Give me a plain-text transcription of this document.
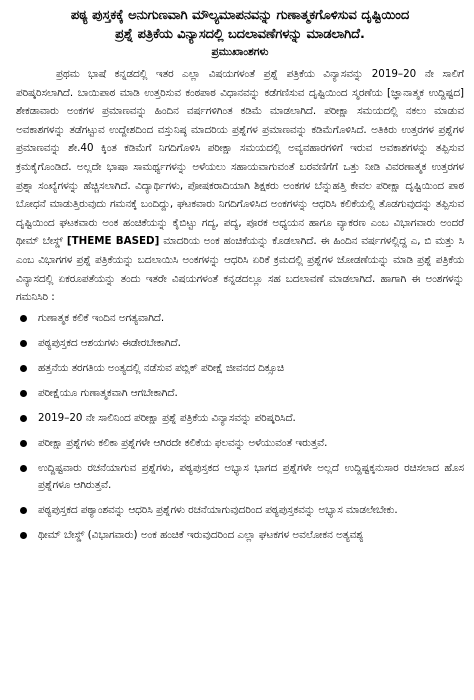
ಪಠ್ಯ ಪುಸ್ತಕಕ್ಕೆ ಅನುಗುಣವಾಗಿ ಮೌಲ್ಯಮಾಪನವನ್ನು ಗುಣಾತ್ಮಕಗೊಳಿಸುವ ದೃಷ್ಟಿಯಿಂದ

ಪ್ರಶ್ನೆ ಪತ್ರಿಕೆಯ ವಿನ್ಯಾಸದಲ್ಲಿ ಬದಲಾವಣೆಗಳನ್ನು ಮಾಡಲಾಗಿದೆ.

ಪ್ರಮುಖಾಂಶಗಳು

ಪ್ರಥಮ ಭಾಷೆ ಕನ್ನಡದಲ್ಲಿ ಇತರ ಎಲ್ಲಾ ವಿಷಯಗಳಂತೆ ಪ್ರಶ್ನೆ ಪತ್ರಿಕೆಯ ವಿನ್ಯಾಸವನ್ನು 2019–20 ನೇ ಸಾಲಿಗೆ ಪರಿಷ್ಕರಿಸಲಾಗಿದೆ. ಬಾಯಿಪಾಠ ಮಾಡಿ ಉತ್ತರಿಸುವ ಕಂಠಪಾಠ ವಿಧಾನವನ್ನು ಕಡೆಗಣಿಸುವ ದೃಷ್ಟಿಯಿಂದ ಸ್ಮರಣೆಯ [ಜ್ಞಾನಾತ್ಮಕ ಉದ್ದಿಷ್ಟದ] ಶೇಕಡಾವಾರು ಅಂಕಗಳ ಪ್ರಮಾಣವನ್ನು ಹಿಂದಿನ ವರ್ಷಗಳಿಗಿಂತ ಕಡಿಮೆ ಮಾಡಲಾಗಿದೆ. ಪರೀಕ್ಷಾ ಸಮಯದಲ್ಲಿ ನಕಲು ಮಾಡುವ ಅವಕಾಶಗಳನ್ನು ತಡೆಗಟ್ಟುವ ಉದ್ದೇಶದಿಂದ ವಸ್ತುನಿಷ್ಠ ಮಾದರಿಯ ಪ್ರಶ್ನೆಗಳ ಪ್ರಮಾಣವನ್ನು ಕಡಿಮೆಗೊಳಿಸಿದೆ. ಅತಿಕಿರು ಉತ್ತರಗಳ ಪ್ರಶ್ನೆಗಳ ಪ್ರಮಾಣವನ್ನು ಶೇ.40 ಕ್ಕಿಂತ ಕಡಿಮೆಗೆ ನಿಗದಿಗೊಳಿಸಿ ಪರೀಕ್ಷಾ ಸಮಯದಲ್ಲಿ ಅವ್ಯವಹಾರಗಳಿಗೆ ಇರುವ ಅವಕಾಶಗಳನ್ನು ತಪ್ಪಿಸುವ ಕ್ರಮಕೈಗೊಂಡಿದೆ. ಅಲ್ಲದೇ ಭಾಷಾ ಸಾಮರ್ಥ್ಯಗಳನ್ನು ಅಳೆಯಲು ಸಹಾಯವಾಗುವಂತೆ ಬರವಣಿಗೆಗೆ ಒತ್ತು ನೀಡಿ ವಿವರಣಾತ್ಮಕ ಉತ್ತರಗಳ ಪ್ರಶ್ನಾ ಸಂಖ್ಯೆಗಳನ್ನು ಹೆಚ್ಚಿಸಲಾಗಿದೆ. ವಿದ್ಯಾರ್ಥಿಗಳು, ಪೋಷಕರಾದಿಯಾಗಿ ಶಿಕ್ಷಕರು ಅಂಕಗಳ ಬೆನ್ನುಹತ್ತಿ ಕೇವಲ ಪರೀಕ್ಷಾ ದೃಷ್ಟಿಯಿಂದ ಪಾಠ ಬೋಧನೆ ಮಾಡುತ್ತಿರುವುದು ಗಮನಕ್ಕೆ ಬಂದಿದ್ದು, ಘಟಕವಾರು ನಿಗದಿಗೊಳಿಸಿದ ಅಂಕಗಳನ್ನು ಆಧರಿಸಿ ಕಲಿಕೆಯಲ್ಲಿ ತೊಡಗುವುದನ್ನು ತಪ್ಪಿಸುವ ದೃಷ್ಟಿಯಿಂದ ಘಟಕವಾರು ಅಂಕ ಹಂಚಿಕೆಯನ್ನು ಕೈಬಿಟ್ಟು ಗದ್ಯ, ಪದ್ಯ, ಪೂರಕ ಅಧ್ಯಯನ ಹಾಗೂ ವ್ಯಾಕರಣ ಎಂಬ ವಿಭಾಗವಾರು ಅಂದರೆ ಥೀಮ್ ಬೇಸ್ಡ್ [THEME BASED] ಮಾದರಿಯ ಅಂಕ ಹಂಚಿಕೆಯನ್ನು ಕೊಡಲಾಗಿದೆ. ಈ ಹಿಂದಿನ ವರ್ಷಗಳಲ್ಲಿದ್ದ ಎ, ಬಿ ಮತ್ತು ಸಿ ಎಂಬ ವಿಭಾಗಗಳ ಪ್ರಶ್ನೆ ಪತ್ರಿಕೆಯನ್ನು ಬದಲಾಯಿಸಿ ಅಂಕಗಳನ್ನು ಆಧರಿಸಿ ಏರಿಕೆ ಕ್ರಮದಲ್ಲಿ ಪ್ರಶ್ನೆಗಳ ಜೋಡಣೆಯನ್ನು ಮಾಡಿ ಪ್ರಶ್ನೆ ಪತ್ರಿಕೆಯ ವಿನ್ಯಾಸದಲ್ಲಿ ಏಕರೂಪತೆಯನ್ನು ತಂದು ಇತರೇ ವಿಷಯಗಳಂತೆ ಕನ್ನಡದಲ್ಲೂ ಸಹ ಬದಲಾವಣೆ ಮಾಡಲಾಗಿದೆ. ಹಾಗಾಗಿ ಈ ಅಂಶಗಳನ್ನು ಗಮನಿಸಿರಿ :

ಗುಣಾತ್ಮಕ ಕಲಿಕೆ ಇಂದಿನ ಅಗತ್ಯವಾಗಿದೆ.
ಪಠ್ಯಪುಸ್ತಕದ ಆಶಯಗಳು ಈಡೇರಬೇಕಾಗಿದೆ.
ಹತ್ತನೆಯ ತರಗತಿಯ ಅಂತ್ಯದಲ್ಲಿ ನಡೆಸುವ ಪಬ್ಲಿಕ್ ಪರೀಕ್ಷೆ ಜೀವನದ ದಿಕ್ಸೂಚಿ
ಪರೀಕ್ಷೆಯೂ ಗುಣಾತ್ಮಕವಾಗಿ ಆಗಬೇಕಾಗಿದೆ.
2019–20 ನೇ ಸಾಲಿನಿಂದ ಪರೀಕ್ಷಾ ಪ್ರಶ್ನೆ ಪತ್ರಿಕೆಯ ವಿನ್ಯಾಸವನ್ನು ಪರಿಷ್ಕರಿಸಿದೆ.
ಪರೀಕ್ಷಾ ಪ್ರಶ್ನೆಗಳು ಕಲಿಕಾ ಪ್ರಶ್ನೆಗಳೇ ಆಗಿರದೇ ಕಲಿಕೆಯ ಫಲವನ್ನು ಅಳೆಯುವಂತೆ ಇರುತ್ತವೆ.
ಉದ್ದಿಷ್ಟವಾರು ರಚನೆಯಾಗುವ ಪ್ರಶ್ನೆಗಳು, ಪಠ್ಯಪುಸ್ತಕದ ಅಭ್ಯಾಸ ಭಾಗದ ಪ್ರಶ್ನೆಗಳೇ ಅಲ್ಲದೆ ಉದ್ದಿಷ್ಟಕ್ಕನುಸಾರ ರಚಿಸಲಾದ ಹೊಸ ಪ್ರಶ್ನೆಗಳೂ ಆಗಿರುತ್ತವೆ.
ಪಠ್ಯಪುಸ್ತಕದ ಪಠ್ಯಾಂಶವನ್ನು ಆಧರಿಸಿ ಪ್ರಶ್ನೆಗಳು ರಚನೆಯಾಗುವುದರಿಂದ ಪಠ್ಯಪುಸ್ತಕವನ್ನು ಅಭ್ಯಾಸ ಮಾಡಲೇಬೇಕು.
ಥೀಮ್ ಬೇಸ್ಡ್ (ವಿಭಾಗವಾರು) ಅಂಕ ಹಂಚಿಕೆ ಇರುವುದರಿಂದ ಎಲ್ಲಾ ಘಟಕಗಳ ಅವಲೋಕನ ಅತ್ಯವಶ್ಯ
